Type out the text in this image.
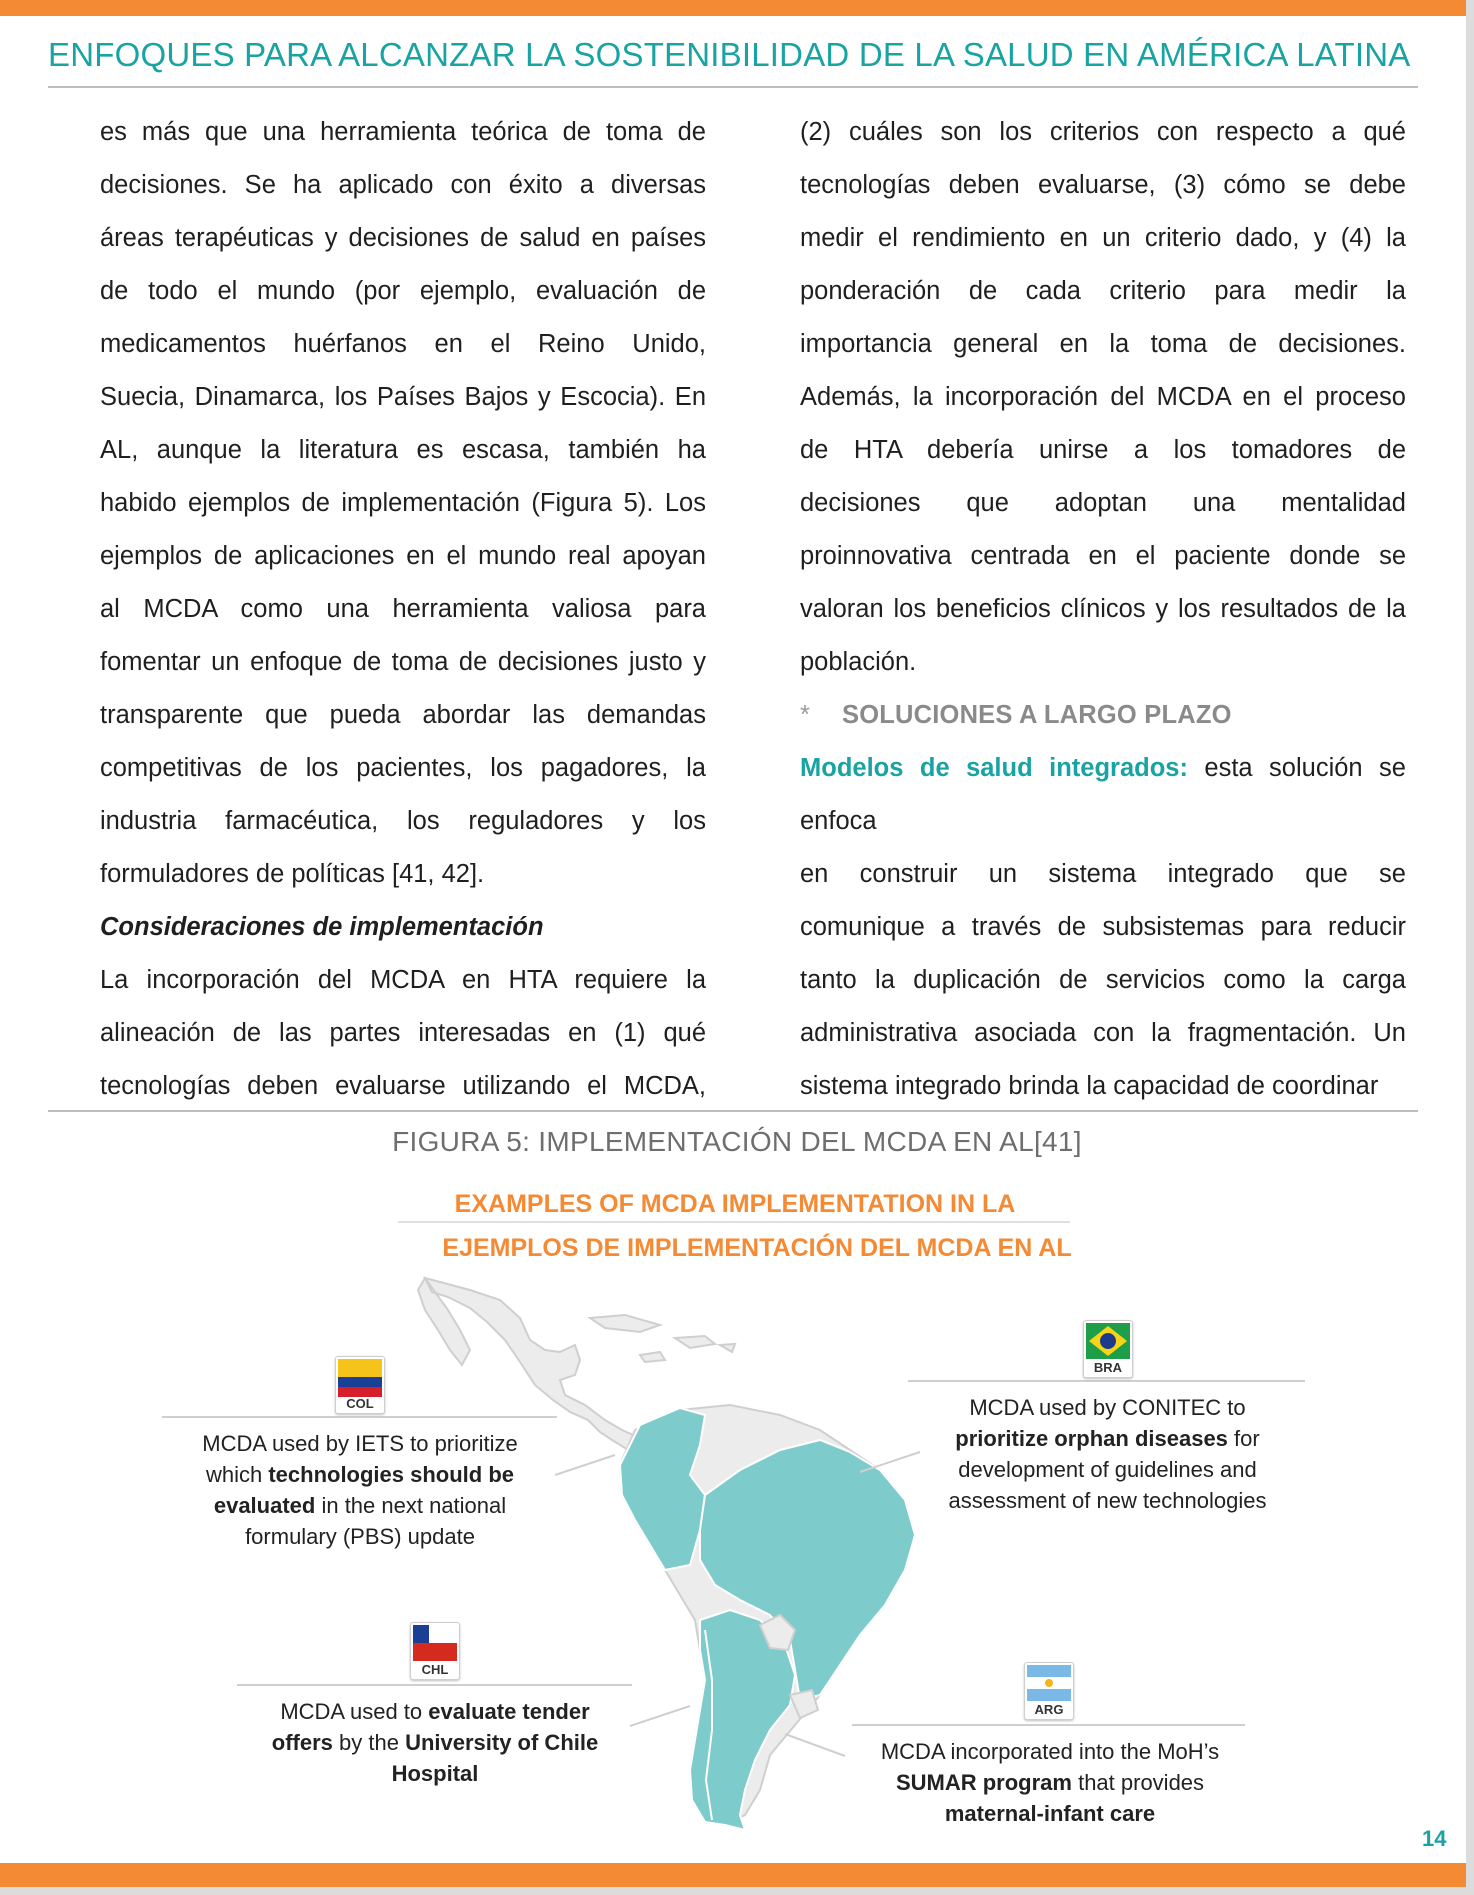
ENFOQUES PARA ALCANZAR LA SOSTENIBILIDAD DE LA SALUD EN AMÉRICA LATINA

es más que una herramienta teórica de toma de

decisiones. Se ha aplicado con éxito a diversas

áreas terapéuticas y decisiones de salud en países

de todo el mundo (por ejemplo, evaluación de

medicamentos huérfanos en el Reino Unido,

Suecia, Dinamarca, los Países Bajos y Escocia). En

AL, aunque la literatura es escasa, también ha

habido ejemplos de implementación (Figura 5). Los

ejemplos de aplicaciones en el mundo real apoyan

al MCDA como una herramienta valiosa para

fomentar un enfoque de toma de decisiones justo y

transparente que pueda abordar las demandas

competitivas de los pacientes, los pagadores, la

industria farmacéutica, los reguladores y los

formuladores de políticas [41, 42].

Consideraciones de implementación

La incorporación del MCDA en HTA requiere la

alineación de las partes interesadas en (1) qué

tecnologías deben evaluarse utilizando el MCDA,

(2) cuáles son los criterios con respecto a qué

tecnologías deben evaluarse, (3) cómo se debe

medir el rendimiento en un criterio dado, y (4) la

ponderación de cada criterio para medir la

importancia general en la toma de decisiones.

Además, la incorporación del MCDA en el proceso

de HTA debería unirse a los tomadores de

decisiones que adoptan una mentalidad

proinnovativa centrada en el paciente donde se

valoran los beneficios clínicos y los resultados de la

población.

* SOLUCIONES A LARGO PLAZO

Modelos de salud integrados: esta solución se enfoca

en construir un sistema integrado que se

comunique a través de subsistemas para reducir

tanto la duplicación de servicios como la carga

administrativa asociada con la fragmentación. Un

sistema integrado brinda la capacidad de coordinar

FIGURA 5: IMPLEMENTACIÓN DEL MCDA EN AL[41]
EXAMPLES OF MCDA IMPLEMENTATION IN LA
EJEMPLOS DE IMPLEMENTACIÓN DEL MCDA EN AL
COL
MCDA used by IETS to prioritize
which technologies should be
evaluated in the next national
formulary (PBS) update
BRA
MCDA used by CONITEC to
prioritize orphan diseases for
development of guidelines and
assessment of new technologies
CHL
MCDA used to evaluate tender
offers by the University of Chile
Hospital
ARG
MCDA incorporated into the MoH’s
SUMAR program that provides
maternal-infant care
14
